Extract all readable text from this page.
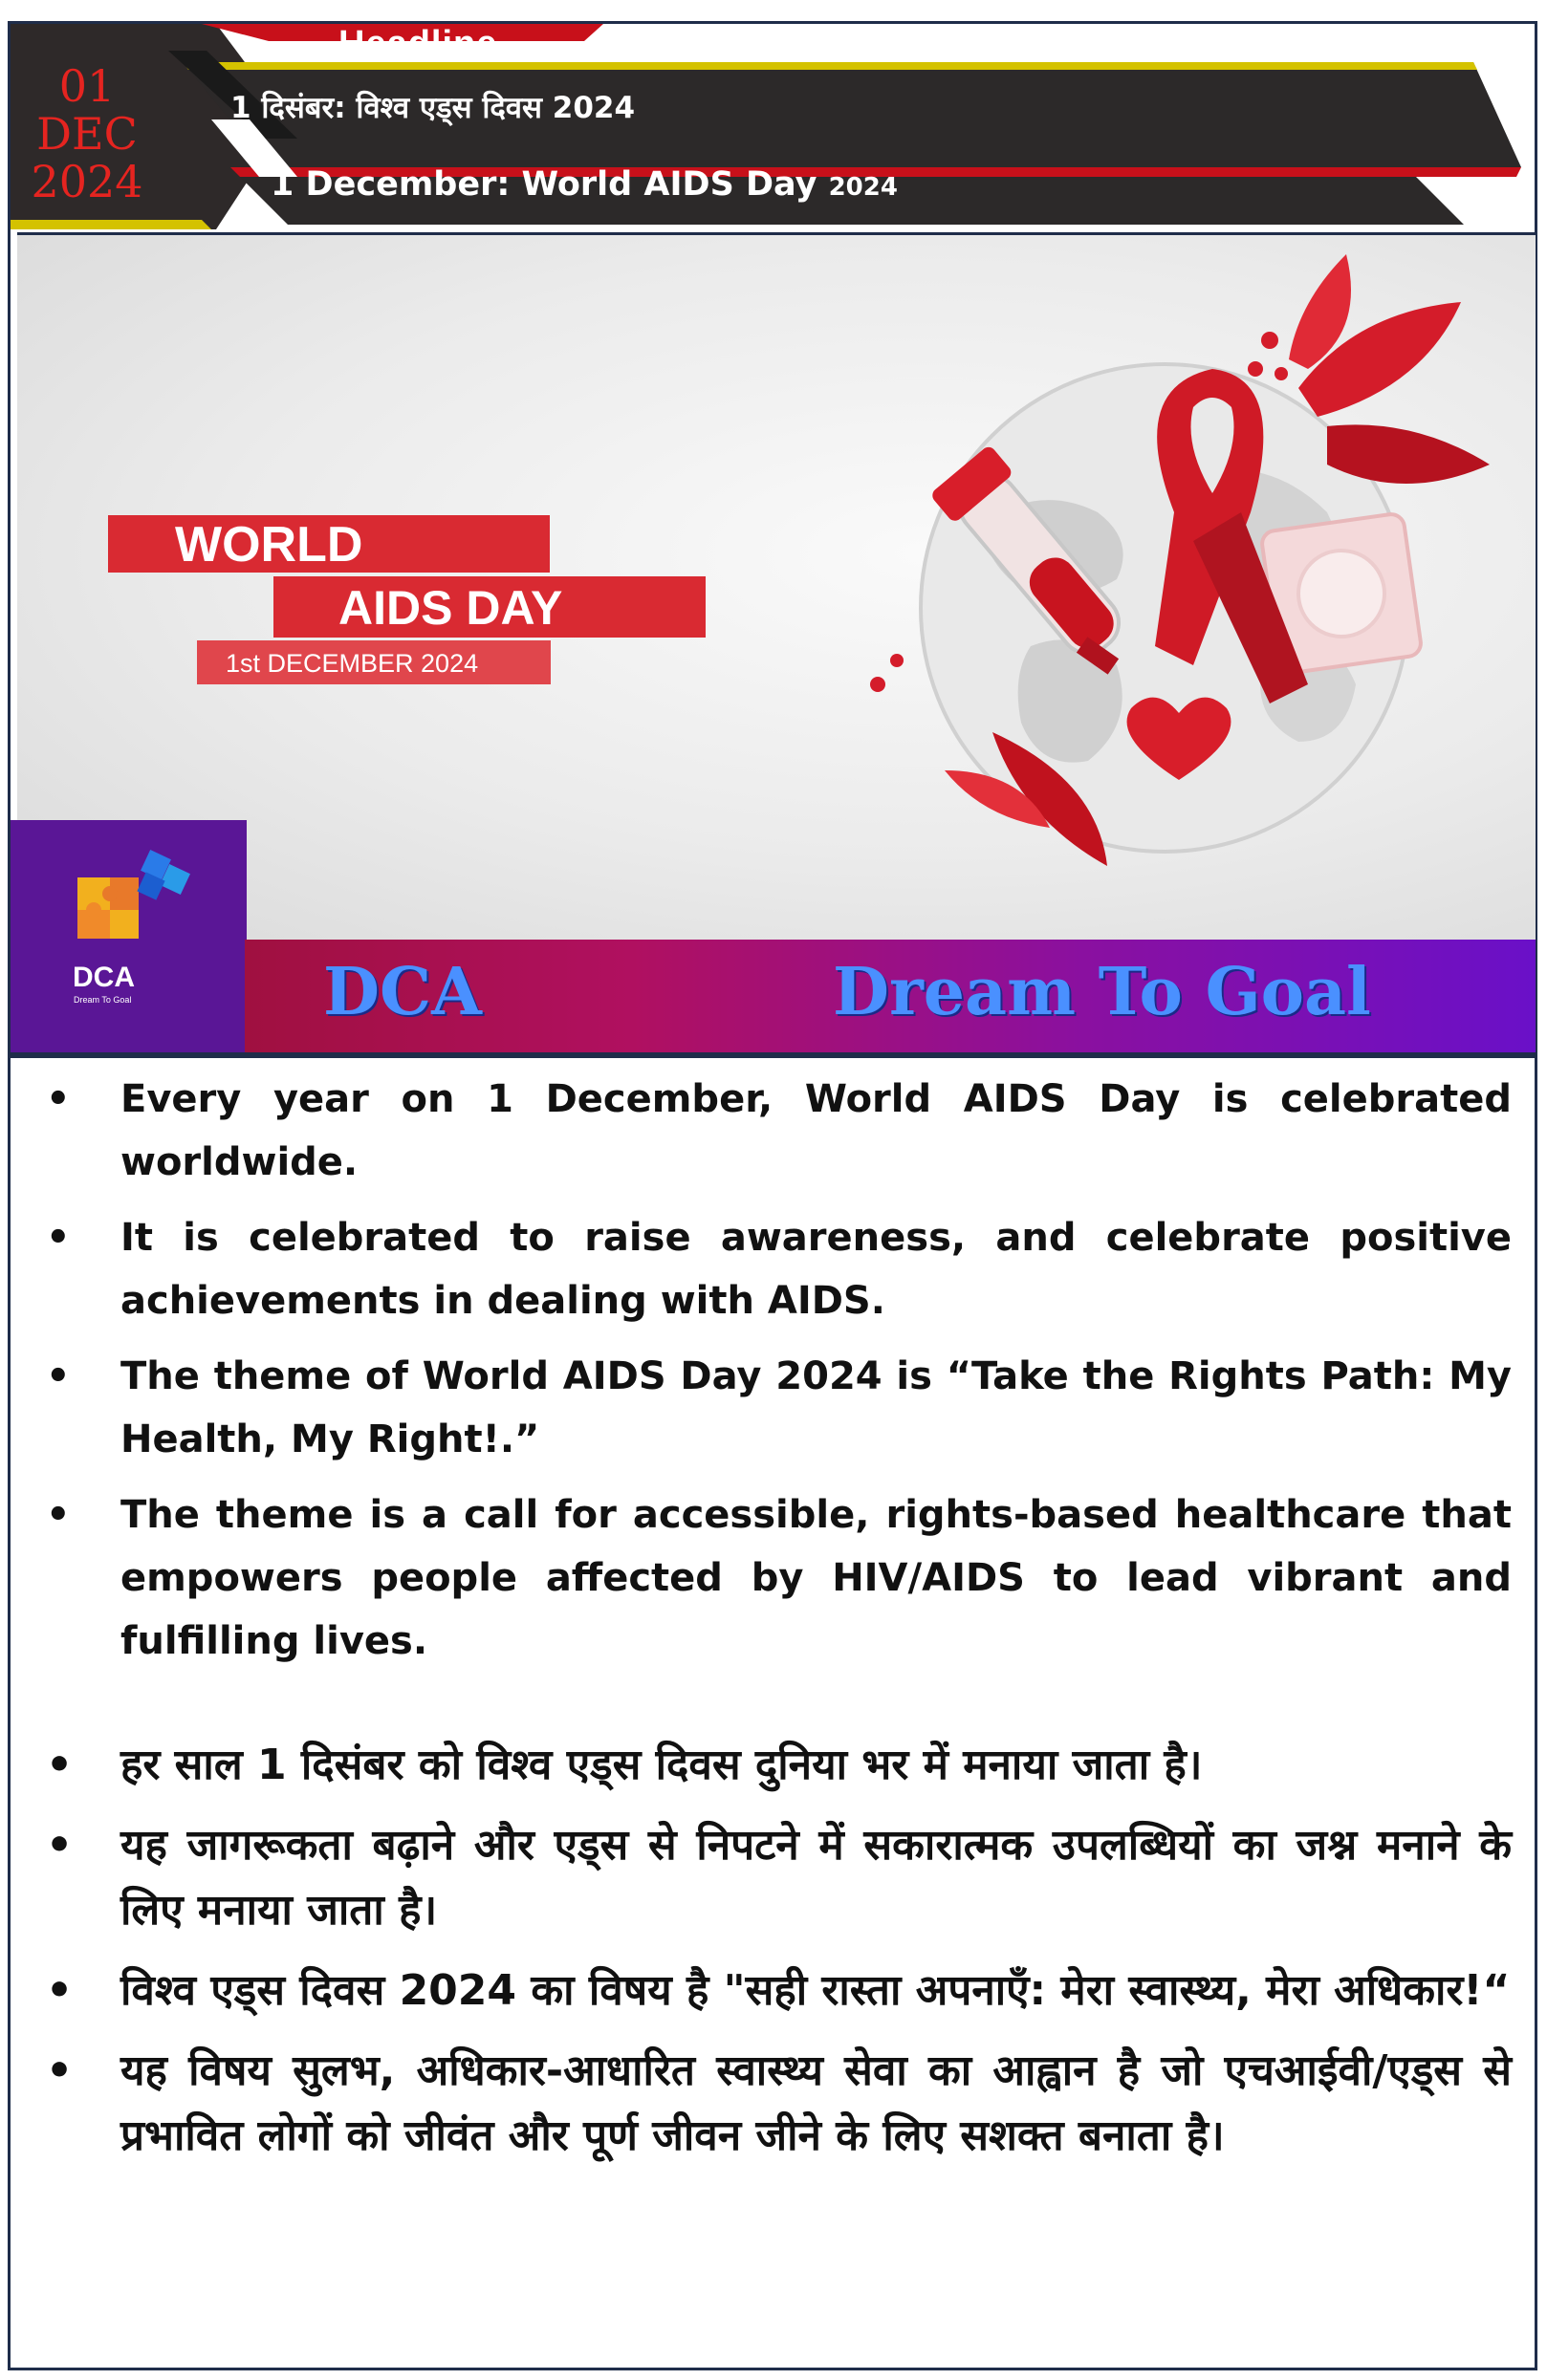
01
DEC
2024
Headline
1 दिसंबर: विश्व एड्स दिवस 2024
1 December: World AIDS Day 2024
WORLD
AIDS DAY
1st DECEMBER 2024
DCA
Dream To Goal	DCA	Dream To Goal
• Every year on 1 December, World AIDS Day is celebrated worldwide.
• It is celebrated to raise awareness, and celebrate positive achievements in dealing with AIDS.
• The theme of World AIDS Day 2024 is “Take the Rights Path: My Health, My Right!.”
• The theme is a call for accessible, rights-based healthcare that empowers people affected by HIV/AIDS to lead vibrant and fulfilling lives.
• हर साल 1 दिसंबर को विश्व एड्स दिवस दुनिया भर में मनाया जाता है।
• यह जागरूकता बढ़ाने और एड्स से निपटने में सकारात्मक उपलब्धियों का जश्न मनाने के लिए मनाया जाता है।
• विश्व एड्स दिवस 2024 का विषय है "सही रास्ता अपनाएँ: मेरा स्वास्थ्य, मेरा अधिकार!“
• यह विषय सुलभ, अधिकार-आधारित स्वास्थ्य सेवा का आह्वान है जो एचआईवी/एड्स से प्रभावित लोगों को जीवंत और पूर्ण जीवन जीने के लिए सशक्त बनाता है।
